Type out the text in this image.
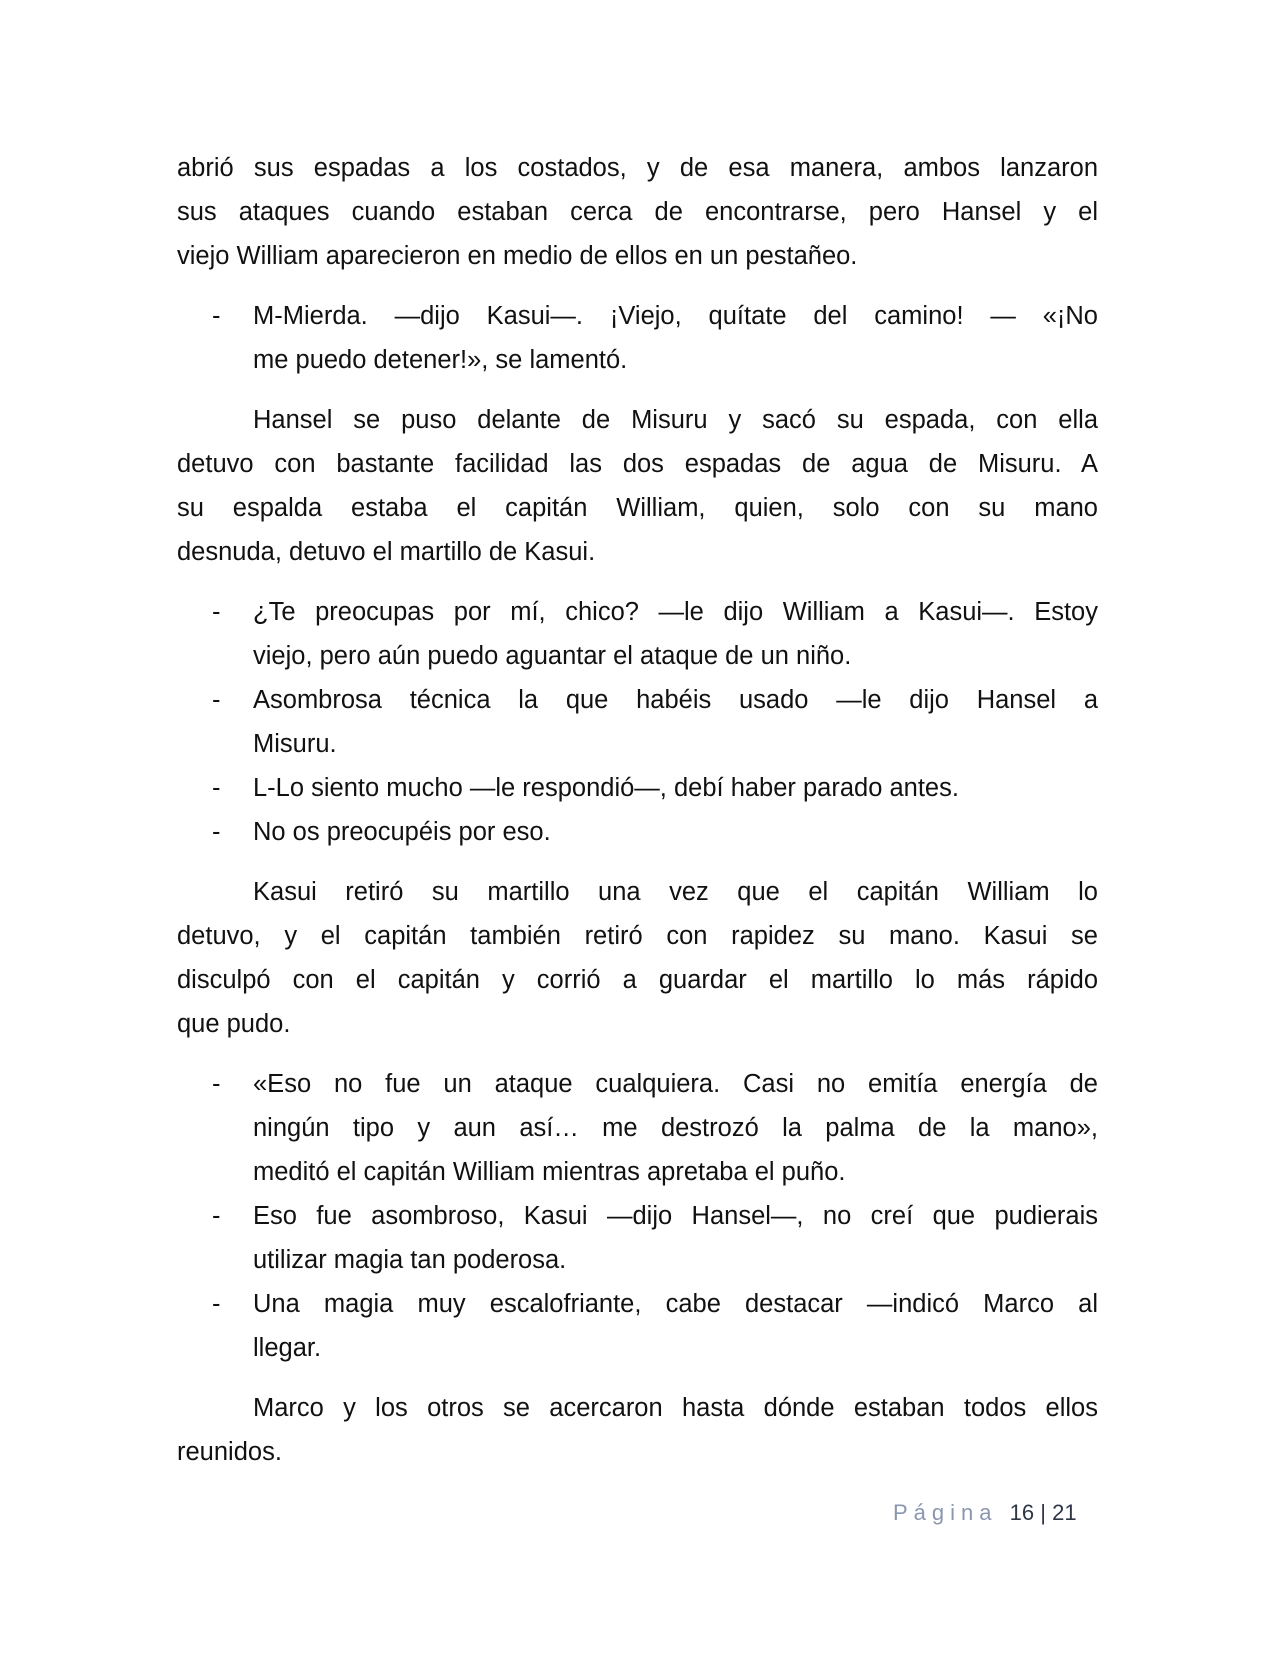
abrió sus espadas a los costados, y de esa manera, ambos lanzaron
sus ataques cuando estaban cerca de encontrarse, pero Hansel y el
viejo William aparecieron en medio de ellos en un pestañeo.
M-Mierda. —dijo Kasui—. ¡Viejo, quítate del camino! — «¡No
-
me puedo detener!», se lamentó.
Hansel se puso delante de Misuru y sacó su espada, con ella
detuvo con bastante facilidad las dos espadas de agua de Misuru. A
su espalda estaba el capitán William, quien, solo con su mano
desnuda, detuvo el martillo de Kasui.
¿Te preocupas por mí, chico? —le dijo William a Kasui—. Estoy
-
viejo, pero aún puedo aguantar el ataque de un niño.
Asombrosa técnica la que habéis usado —le dijo Hansel a
-
Misuru.
L-Lo siento mucho —le respondió—, debí haber parado antes.
-
No os preocupéis por eso.
-
Kasui retiró su martillo una vez que el capitán William lo
detuvo, y el capitán también retiró con rapidez su mano. Kasui se
disculpó con el capitán y corrió a guardar el martillo lo más rápido
que pudo.
«Eso no fue un ataque cualquiera. Casi no emitía energía de
-
ningún tipo y aun así… me destrozó la palma de la mano»,
meditó el capitán William mientras apretaba el puño.
Eso fue asombroso, Kasui —dijo Hansel—, no creí que pudierais
-
utilizar magia tan poderosa.
Una magia muy escalofriante, cabe destacar —indicó Marco al
-
llegar.
Marco y los otros se acercaron hasta dónde estaban todos ellos
reunidos.
Página 16 | 21
